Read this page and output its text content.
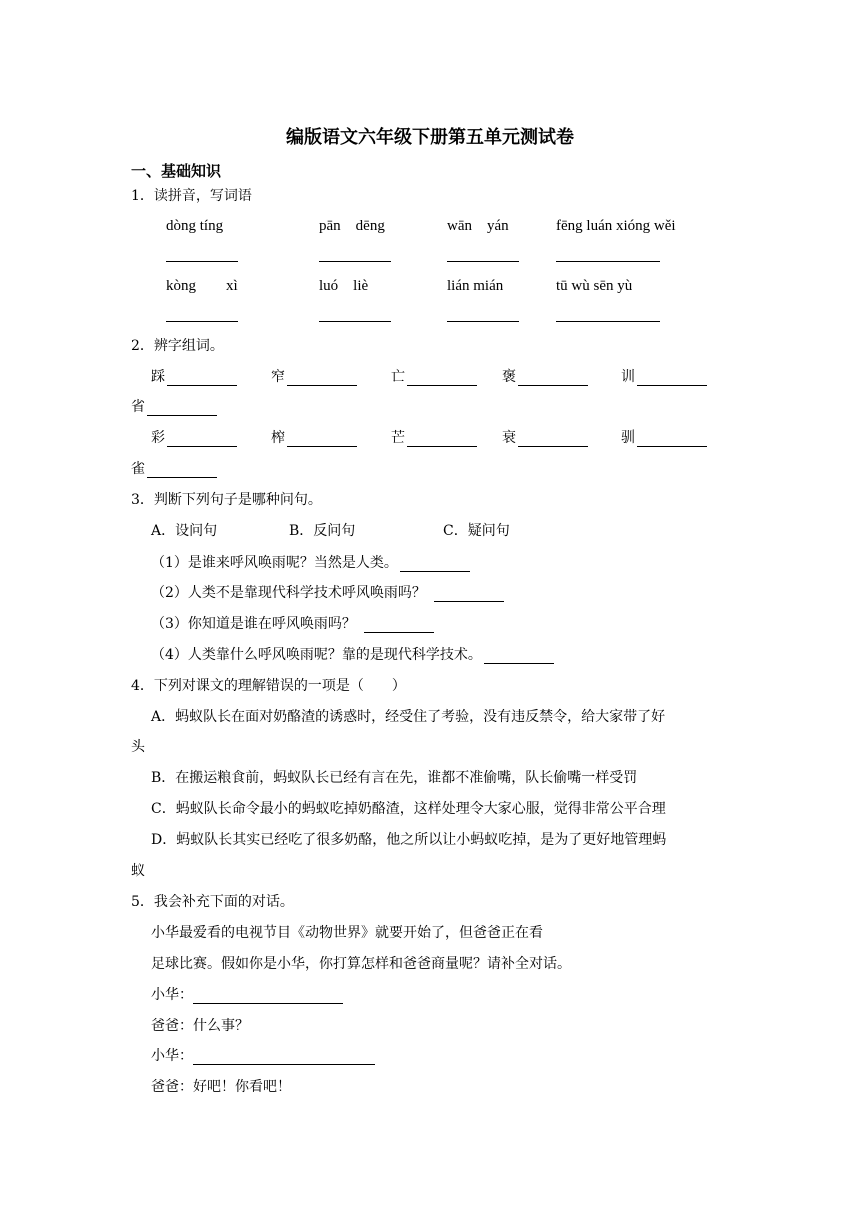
编版语文六年级下册第五单元测试卷
一、基础知识
1．读拼音，写词语
dòng tíng	pān　dēng	wān　yán	fēng luán xióng wěi
kòng　　xì	luó　liè	lián mián	tū wù sēn yù
2．辨字组词。
踩	窄	亡	褒	训
省
彩	榨	芒	衰	驯
雀
3．判断下列句子是哪种问句。
A．设问句	B．反问句	C．疑问句
（1）是谁来呼风唤雨呢？当然是人类。
（2）人类不是靠现代科学技术呼风唤雨吗？
（3）你知道是谁在呼风唤雨吗？
（4）人类靠什么呼风唤雨呢？靠的是现代科学技术。
4．下列对课文的理解错误的一项是（　　）
A．蚂蚁队长在面对奶酪渣的诱惑时，经受住了考验，没有违反禁令，给大家带了好
头
B．在搬运粮食前，蚂蚁队长已经有言在先，谁都不准偷嘴，队长偷嘴一样受罚
C．蚂蚁队长命令最小的蚂蚁吃掉奶酪渣，这样处理令大家心服，觉得非常公平合理
D．蚂蚁队长其实已经吃了很多奶酪，他之所以让小蚂蚁吃掉，是为了更好地管理蚂
蚁
5．我会补充下面的对话。
小华最爱看的电视节目《动物世界》就要开始了，但爸爸正在看
足球比赛。假如你是小华，你打算怎样和爸爸商量呢？请补全对话。
小华：
爸爸：什么事？
小华：
爸爸：好吧！你看吧！
